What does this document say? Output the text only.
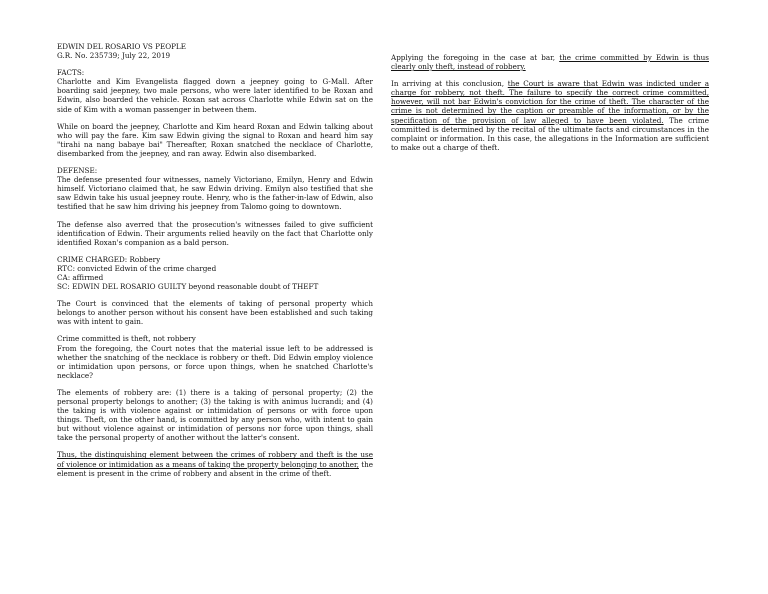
EDWIN DEL ROSARIO VS PEOPLE
G.R. No. 235739; July 22, 2019
FACTS:

Charlotte and Kim Evangelista flagged down a jeepney going to G-Mall. After boarding said jeepney, two male persons, who were later identified to be Roxan and Edwin, also boarded the vehicle. Roxan sat across Charlotte while Edwin sat on the side of Kim with a woman passenger in between them.

While on board the jeepney, Charlotte and Kim heard Roxan and Edwin talking about who will pay the fare. Kim saw Edwin giving the signal to Roxan and heard him say "tirahi na nang babaye bai" Thereafter, Roxan snatched the necklace of Charlotte, disembarked from the jeepney, and ran away. Edwin also disembarked.

DEFENSE:

The defense presented four witnesses, namely Victoriano, Emilyn, Henry and Edwin himself. Victoriano claimed that, he saw Edwin driving. Emilyn also testified that she saw Edwin take his usual jeepney route. Henry, who is the father-in-law of Edwin, also testified that he saw him driving his jeepney from Talomo going to downtown.

The defense also averred that the prosecution's witnesses failed to give sufficient identification of Edwin. Their arguments relied heavily on the fact that Charlotte only identified Roxan's companion as a bald person.

CRIME CHARGED: Robbery
RTC: convicted Edwin of the crime charged
CA: affirmed
SC: EDWIN DEL ROSARIO GUILTY beyond reasonable doubt of THEFT

The Court is convinced that the elements of taking of personal property which belongs to another person without his consent have been established and such taking was with intent to gain.

Crime committed is theft, not robbery

From the foregoing, the Court notes that the material issue left to be addressed is whether the snatching of the necklace is robbery or theft. Did Edwin employ violence or intimidation upon persons, or force upon things, when he snatched Charlotte's necklace?

The elements of robbery are: (1) there is a taking of personal property; (2) the personal property belongs to another; (3) the taking is with animus lucrandi; and (4) the taking is with violence against or intimidation of persons or with force upon things. Theft, on the other hand, is committed by any person who, with intent to gain but without violence against or intimidation of persons nor force upon things, shall take the personal property of another without the latter's consent.

Thus, the distinguishing element between the crimes of robbery and theft is the use of violence or intimidation as a means of taking the property belonging to another, the element is present in the crime of robbery and absent in the crime of theft.

Applying the foregoing in the case at bar, the crime committed by Edwin is thus clearly only theft, instead of robbery.

In arriving at this conclusion, the Court is aware that Edwin was indicted under a charge for robbery, not theft. The failure to specify the correct crime committed, however, will not bar Edwin's conviction for the crime of theft. The character of the crime is not determined by the caption or preamble of the information, or by the specification of the provision of law alleged to have been violated. The crime committed is determined by the recital of the ultimate facts and circumstances in the complaint or information. In this case, the allegations in the Information are sufficient to make out a charge of theft.
